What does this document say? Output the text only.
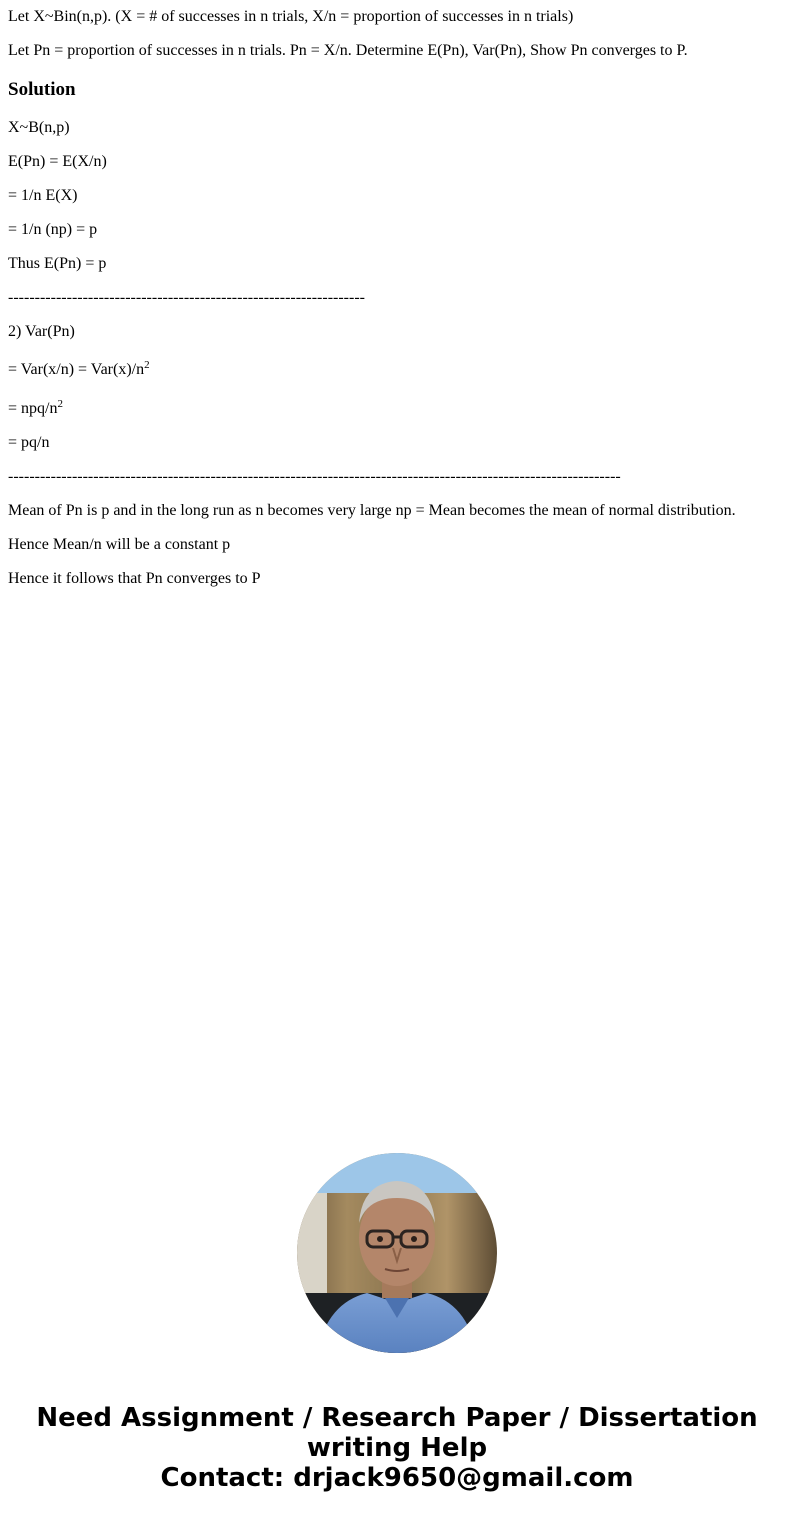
Let X~Bin(n,p). (X = # of successes in n trials, X/n = proportion of successes in n trials)
Let Pn = proportion of successes in n trials. Pn = X/n. Determine E(Pn), Var(Pn), Show Pn converges to P.
Solution
X~B(n,p)
E(Pn) = E(X/n)
= 1/n E(X)
= 1/n (np) = p
Thus E(Pn) = p
-------------------------------------------------------------------
2) Var(Pn)
= $Var(x/n) = Var(x)/n^2$
= npq/$n^2$
= pq/n
-------------------------------------------------------------------------------------------------------------------
Mean of Pn is p and in the long run as n becomes very large np = Mean becomes the mean of normal distribution.
Hence Mean/n will be a constant p
Hence it follows that Pn converges to P
Need Assignment / Research Paper / Dissertation
writing Help
Contact: drjack9650@gmail.com
